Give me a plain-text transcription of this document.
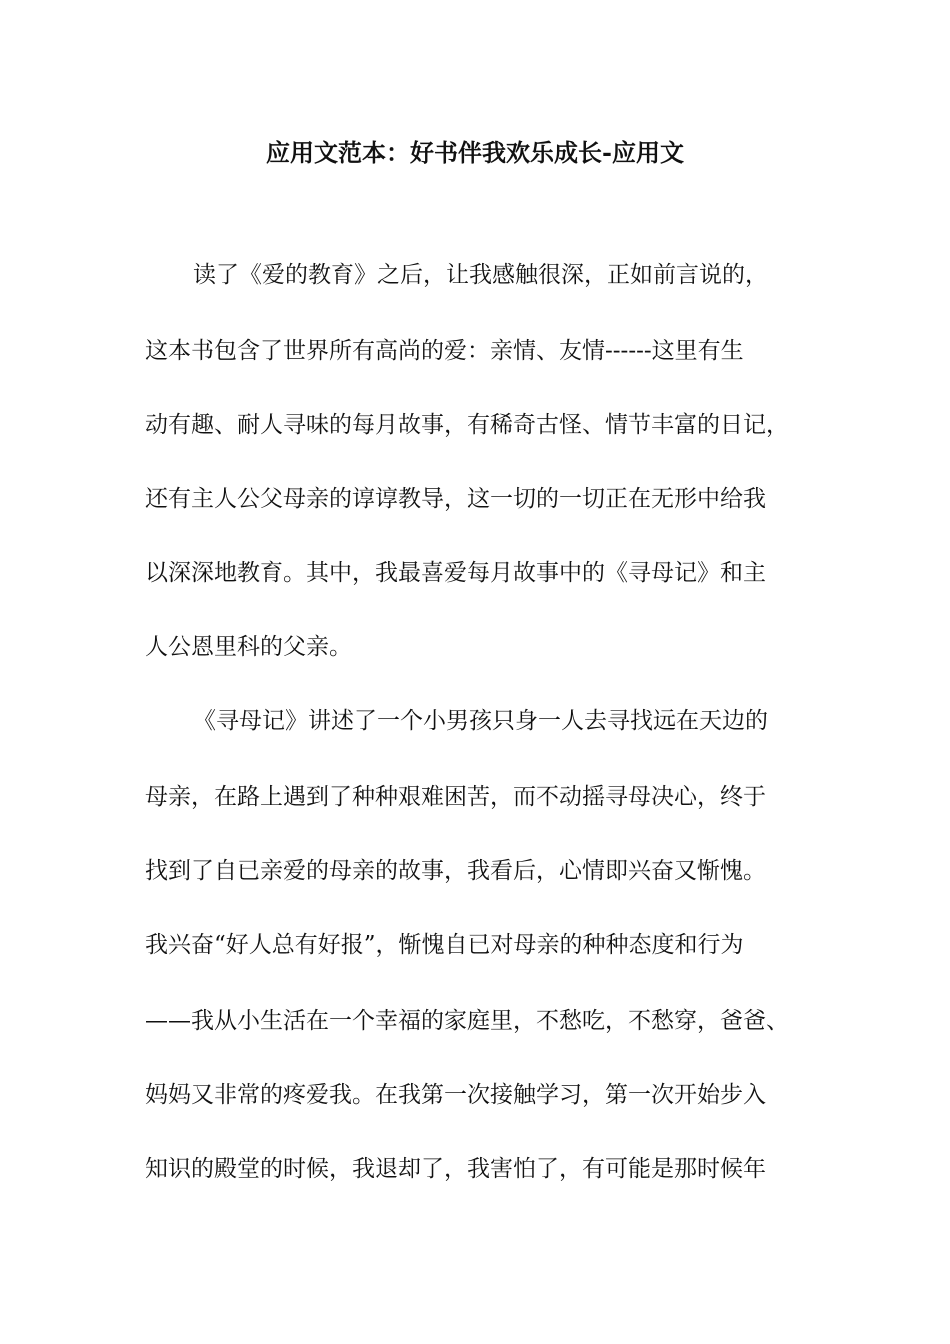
应用文范本：好书伴我欢乐成长-应用文
读了《爱的教育》之后，让我感触很深，正如前言说的，
这本书包含了世界所有高尚的爱：亲情、友情------这里有生
动有趣、耐人寻味的每月故事，有稀奇古怪、情节丰富的日记，
还有主人公父母亲的谆谆教导，这一切的一切正在无形中给我
以深深地教育。其中，我最喜爱每月故事中的《寻母记》和主
人公恩里科的父亲。
《寻母记》讲述了一个小男孩只身一人去寻找远在天边的
母亲，在路上遇到了种种艰难困苦，而不动摇寻母决心，终于
找到了自已亲爱的母亲的故事，我看后，心情即兴奋又惭愧。
我兴奋“好人总有好报”，惭愧自已对母亲的种种态度和行为
——我从小生活在一个幸福的家庭里，不愁吃，不愁穿，爸爸、
妈妈又非常的疼爱我。在我第一次接触学习，第一次开始步入
知识的殿堂的时候，我退却了，我害怕了，有可能是那时候年
